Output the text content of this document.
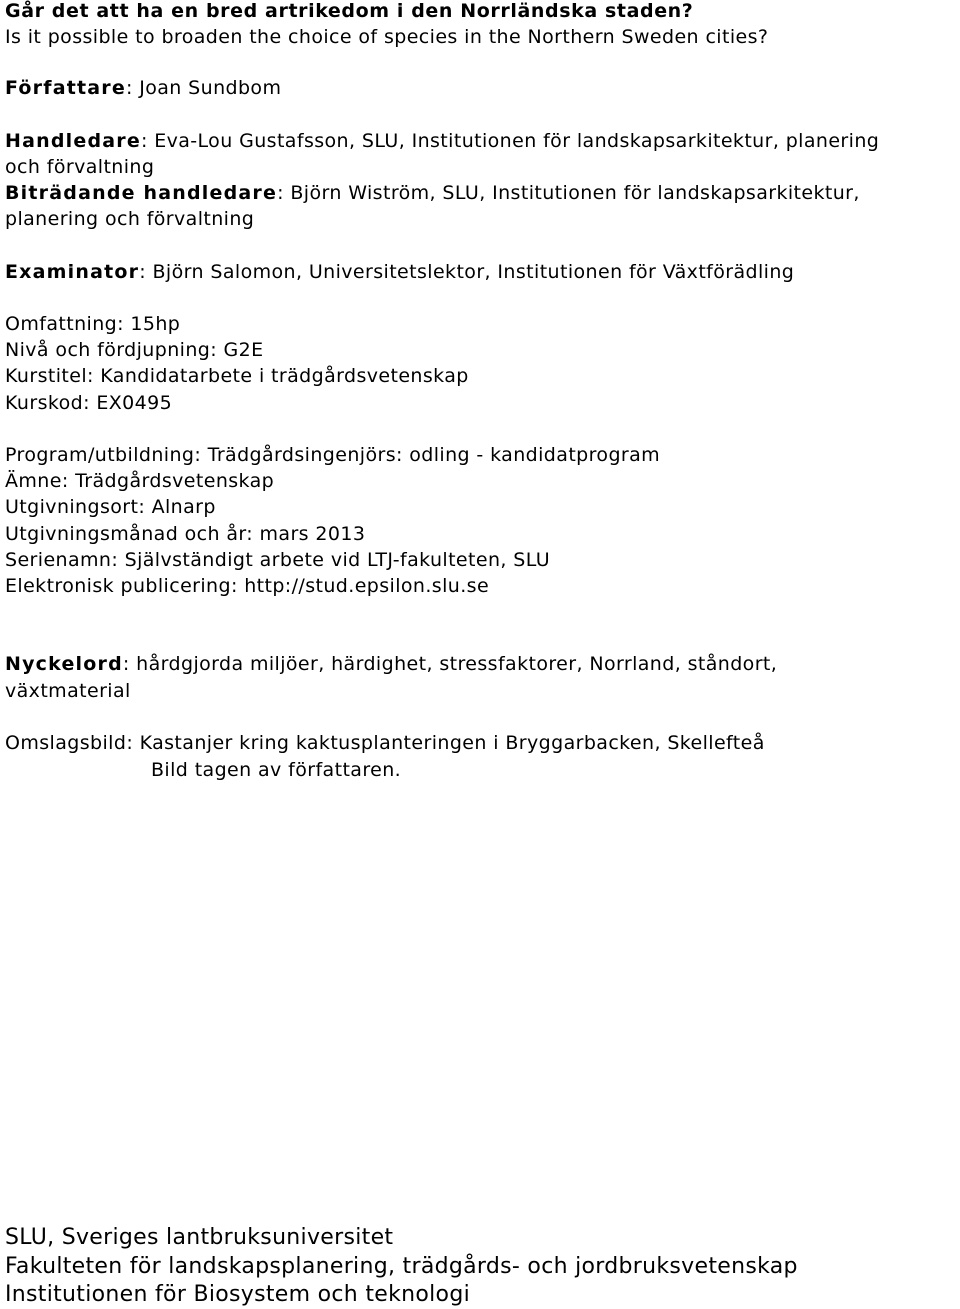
Går det att ha en bred artrikedom i den Norrländska staden?
Is it possible to broaden the choice of species in the Northern Sweden cities?
Författare: Joan Sundbom
Handledare: Eva-Lou Gustafsson, SLU, Institutionen för landskapsarkitektur, planering
och förvaltning
Biträdande handledare: Björn Wiström, SLU, Institutionen för landskapsarkitektur,
planering och förvaltning
Examinator: Björn Salomon, Universitetslektor, Institutionen för Växtförädling
Omfattning: 15hp
Nivå och fördjupning: G2E
Kurstitel: Kandidatarbete i trädgårdsvetenskap
Kurskod: EX0495
Program/utbildning: Trädgårdsingenjörs: odling - kandidatprogram
Ämne: Trädgårdsvetenskap
Utgivningsort: Alnarp
Utgivningsmånad och år: mars 2013
Serienamn: Självständigt arbete vid LTJ-fakulteten, SLU
Elektronisk publicering: http://stud.epsilon.slu.se
Nyckelord: hårdgjorda miljöer, härdighet, stressfaktorer, Norrland, ståndort,
växtmaterial
Omslagsbild: Kastanjer kring kaktusplanteringen i Bryggarbacken, Skellefteå
Bild tagen av författaren.
SLU, Sveriges lantbruksuniversitet
Fakulteten för landskapsplanering, trädgårds- och jordbruksvetenskap
Institutionen för Biosystem och teknologi
